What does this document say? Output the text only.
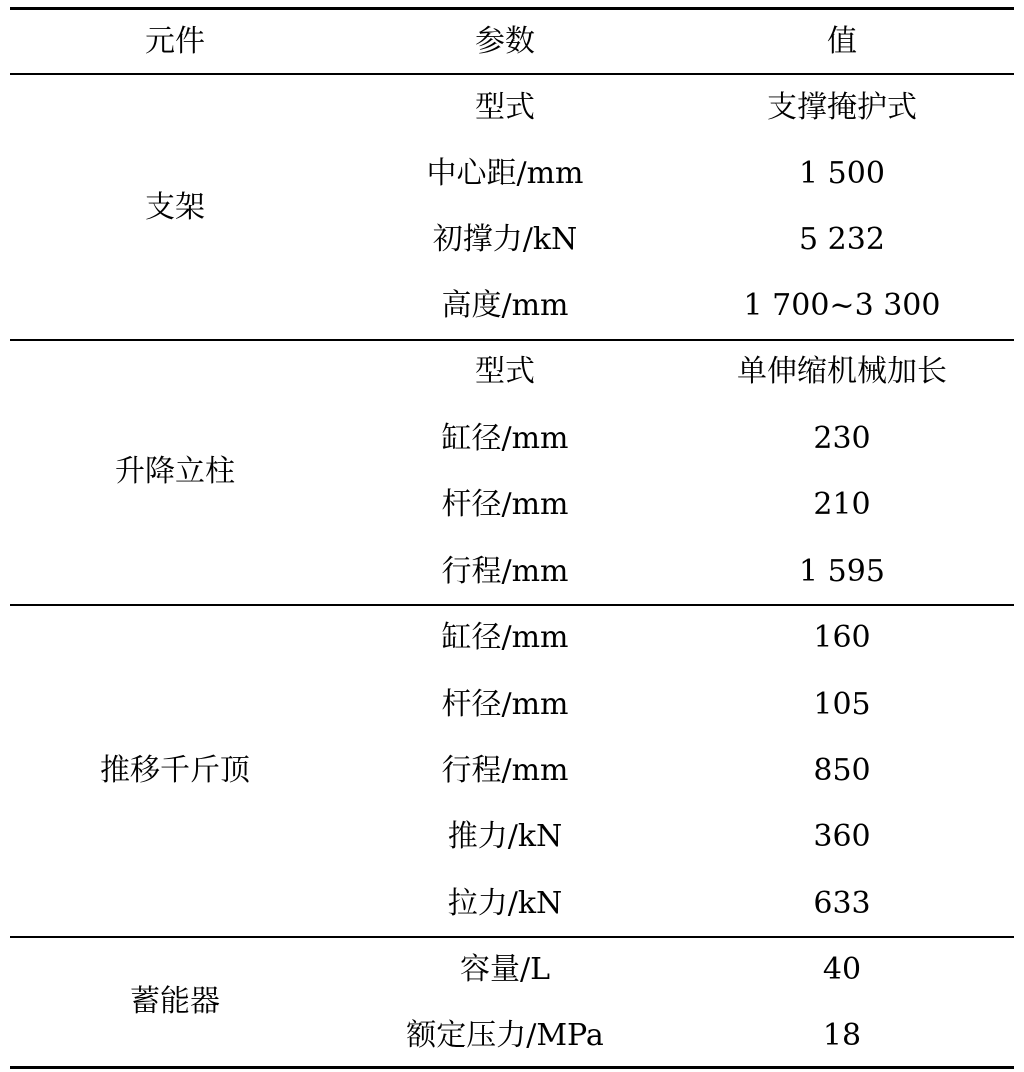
元件	参数	值
支架
型式	支撑掩护式
中心距/mm	1 500
初撑力/kN	5 232
高度/mm	1 700~3 300
升降立柱
型式	单伸缩机械加长
缸径/mm	230
杆径/mm	210
行程/mm	1 595
推移千斤顶
缸径/mm	160
杆径/mm	105
行程/mm	850
推力/kN	360
拉力/kN	633
蓄能器
容量/L	40
额定压力/MPa	18
